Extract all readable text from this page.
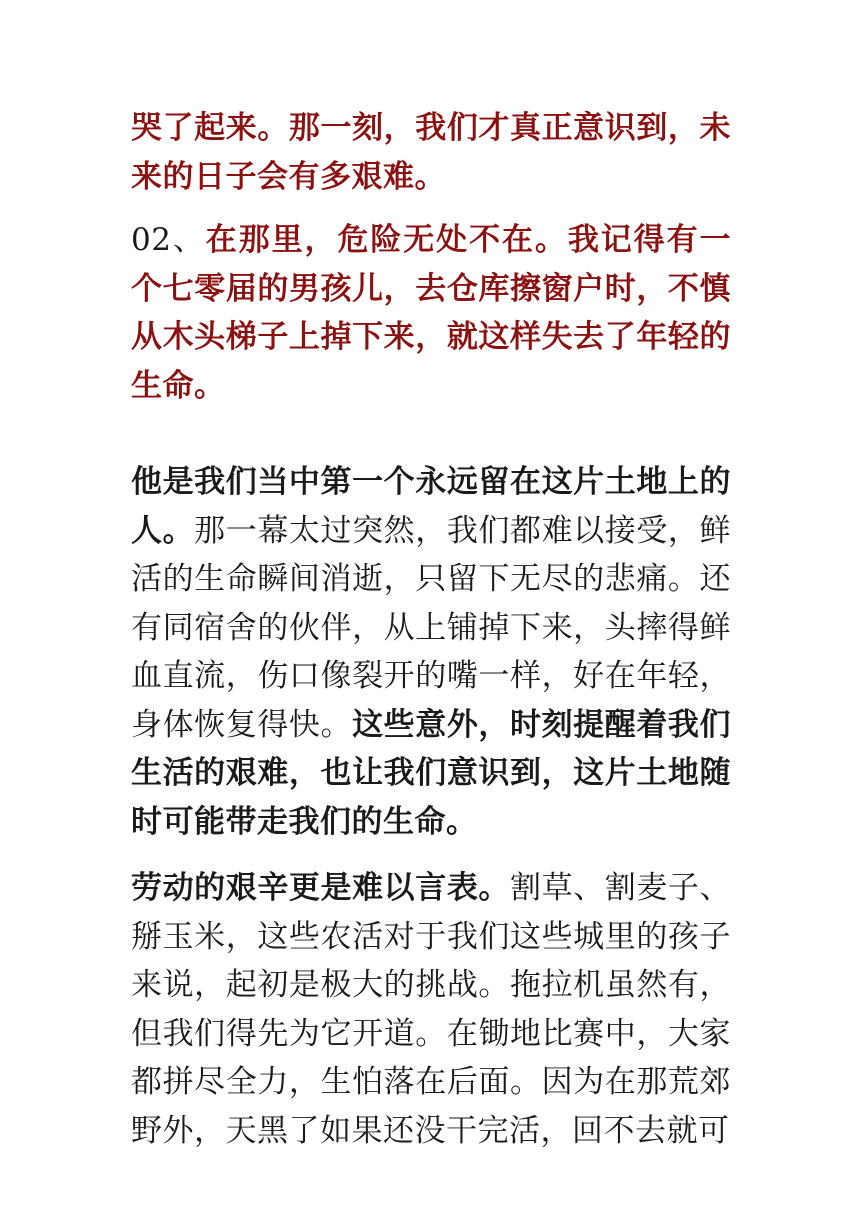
哭了起来。那一刻，我们才真正意识到，未来的日子会有多艰难。

02、在那里，危险无处不在。我记得有一个七零届的男孩儿，去仓库擦窗户时，不慎从木头梯子上掉下来，就这样失去了年轻的生命。

他是我们当中第一个永远留在这片土地上的人。那一幕太过突然，我们都难以接受，鲜活的生命瞬间消逝，只留下无尽的悲痛。还有同宿舍的伙伴，从上铺掉下来，头摔得鲜血直流，伤口像裂开的嘴一样，好在年轻，身体恢复得快。这些意外，时刻提醒着我们生活的艰难，也让我们意识到，这片土地随时可能带走我们的生命。

劳动的艰辛更是难以言表。割草、割麦子、掰玉米，这些农活对于我们这些城里的孩子来说，起初是极大的挑战。拖拉机虽然有，但我们得先为它开道。在锄地比赛中，大家都拼尽全力，生怕落在后面。因为在那荒郊野外，天黑了如果还没干完活，回不去就可
